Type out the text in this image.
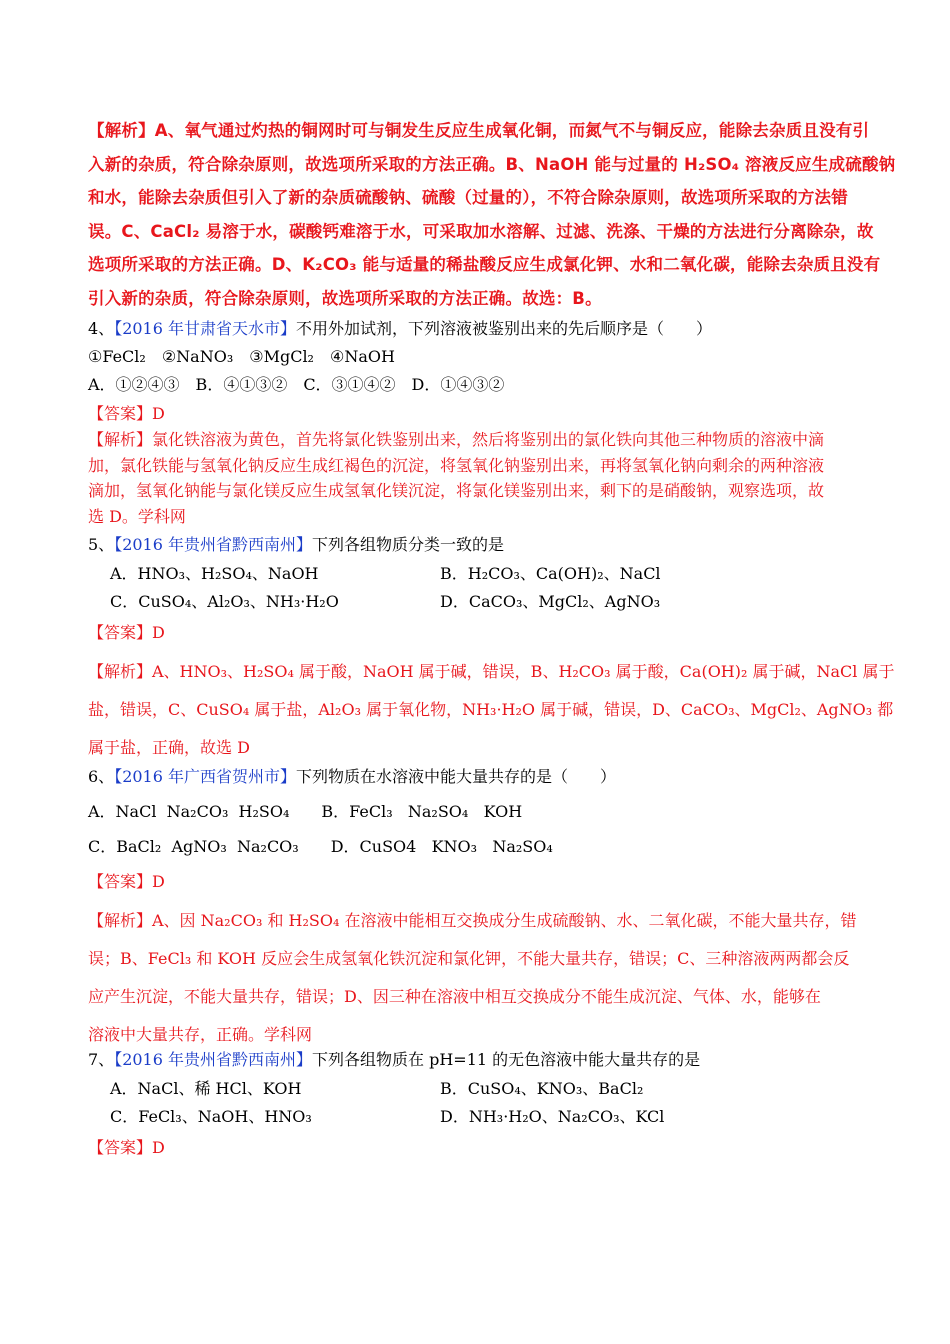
【解析】A、氧气通过灼热的铜网时可与铜发生反应生成氧化铜，而氮气不与铜反应，能除去杂质且没有引
入新的杂质，符合除杂原则，故选项所采取的方法正确。B、NaOH 能与过量的 H₂SO₄ 溶液反应生成硫酸钠
和水，能除去杂质但引入了新的杂质硫酸钠、硫酸（过量的），不符合除杂原则，故选项所采取的方法错
误。C、CaCl₂ 易溶于水，碳酸钙难溶于水，可采取加水溶解、过滤、洗涤、干燥的方法进行分离除杂，故
选项所采取的方法正确。D、K₂CO₃ 能与适量的稀盐酸反应生成氯化钾、水和二氧化碳，能除去杂质且没有
引入新的杂质，符合除杂原则，故选项所采取的方法正确。故选：B。
4、【2016 年甘肃省天水市】不用外加试剂，下列溶液被鉴别出来的先后顺序是（　　）
①FeCl₂　②NaNO₃　③MgCl₂　④NaOH
A．①②④③　B．④①③②　C．③①④②　D．①④③②
【答案】D
【解析】氯化铁溶液为黄色，首先将氯化铁鉴别出来，然后将鉴别出的氯化铁向其他三种物质的溶液中滴
加，氯化铁能与氢氧化钠反应生成红褐色的沉淀，将氢氧化钠鉴别出来，再将氢氧化钠向剩余的两种溶液
滴加，氢氧化钠能与氯化镁反应生成氢氧化镁沉淀，将氯化镁鉴别出来，剩下的是硝酸钠，观察选项，故
选 D。学科网
5、【2016 年贵州省黔西南州】下列各组物质分类一致的是
A．HNO₃、H₂SO₄、NaOH	B．H₂CO₃、Ca(OH)₂、NaCl
C．CuSO₄、Al₂O₃、NH₃·H₂O	D．CaCO₃、MgCl₂、AgNO₃
【答案】D
【解析】A、HNO₃、H₂SO₄ 属于酸，NaOH 属于碱，错误，B、H₂CO₃ 属于酸，Ca(OH)₂ 属于碱，NaCl 属于
盐，错误，C、CuSO₄ 属于盐，Al₂O₃ 属于氧化物，NH₃·H₂O 属于碱，错误，D、CaCO₃、MgCl₂、AgNO₃ 都
属于盐，正确，故选 D
6、【2016 年广西省贺州市】下列物质在水溶液中能大量共存的是（　　）
A．NaCl  Na₂CO₃  H₂SO₄　　B．FeCl₃   Na₂SO₄   KOH
C．BaCl₂  AgNO₃  Na₂CO₃　　D．CuSO4   KNO₃   Na₂SO₄
【答案】D
【解析】A、因 Na₂CO₃ 和 H₂SO₄ 在溶液中能相互交换成分生成硫酸钠、水、二氧化碳，不能大量共存，错
误；B、FeCl₃ 和 KOH 反应会生成氢氧化铁沉淀和氯化钾，不能大量共存，错误；C、三种溶液两两都会反
应产生沉淀，不能大量共存，错误；D、因三种在溶液中相互交换成分不能生成沉淀、气体、水，能够在
溶液中大量共存，正确。学科网
7、【2016 年贵州省黔西南州】下列各组物质在 pH=11 的无色溶液中能大量共存的是
A．NaCl、稀 HCl、KOH	B．CuSO₄、KNO₃、BaCl₂
C．FeCl₃、NaOH、HNO₃	D．NH₃·H₂O、Na₂CO₃、KCl
【答案】D
